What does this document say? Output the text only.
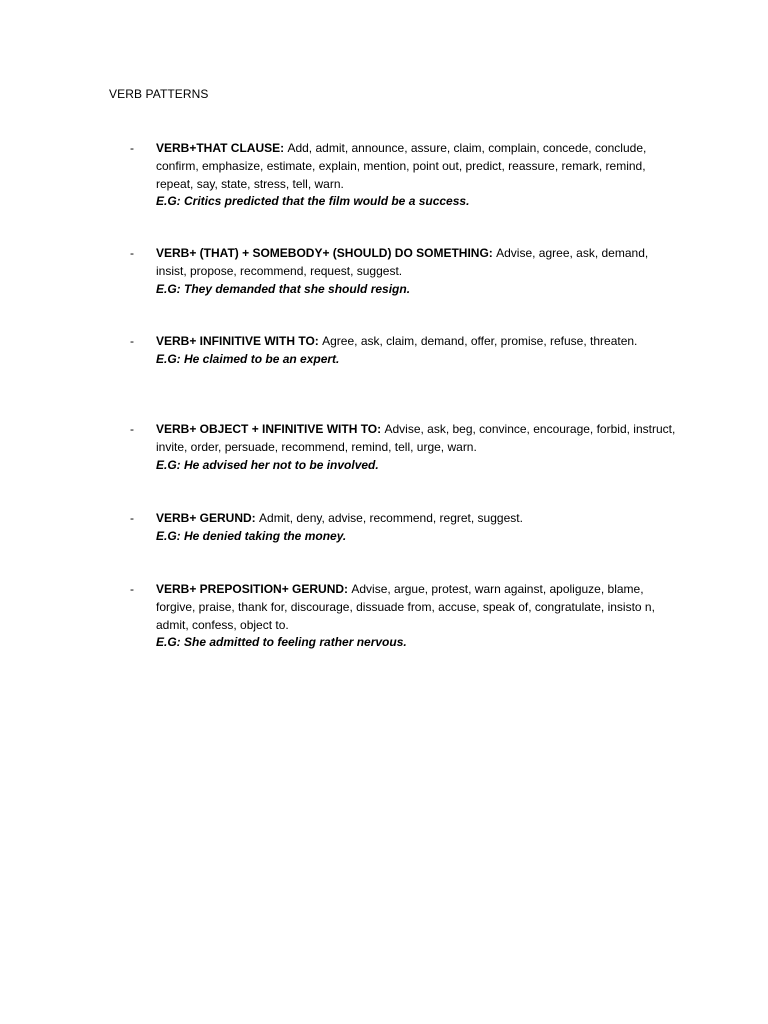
VERB PATTERNS
-	VERB+THAT CLAUSE: Add, admit, announce, assure, claim, complain, concede, conclude, confirm, emphasize, estimate, explain, mention, point out, predict, reassure, remark, remind, repeat, say, state, stress, tell, warn.
E.G: Critics predicted that the film would be a success.
-	VERB+ (THAT) + SOMEBODY+ (SHOULD) DO SOMETHING: Advise, agree, ask, demand, insist, propose, recommend, request, suggest.
E.G: They demanded that she should resign.
-	VERB+ INFINITIVE WITH TO: Agree, ask, claim, demand, offer, promise, refuse, threaten.
E.G: He claimed to be an expert.
-	VERB+ OBJECT + INFINITIVE WITH TO: Advise, ask, beg, convince, encourage, forbid, instruct, invite, order, persuade, recommend, remind, tell, urge, warn.
E.G: He advised her not to be involved.
-	VERB+ GERUND: Admit, deny, advise, recommend, regret, suggest.
E.G: He denied taking the money.
-	VERB+ PREPOSITION+ GERUND: Advise, argue, protest, warn against, apoliguze, blame, forgive, praise, thank for, discourage, dissuade from, accuse, speak of, congratulate, insisto n, admit, confess, object to.
E.G: She admitted to feeling rather nervous.
